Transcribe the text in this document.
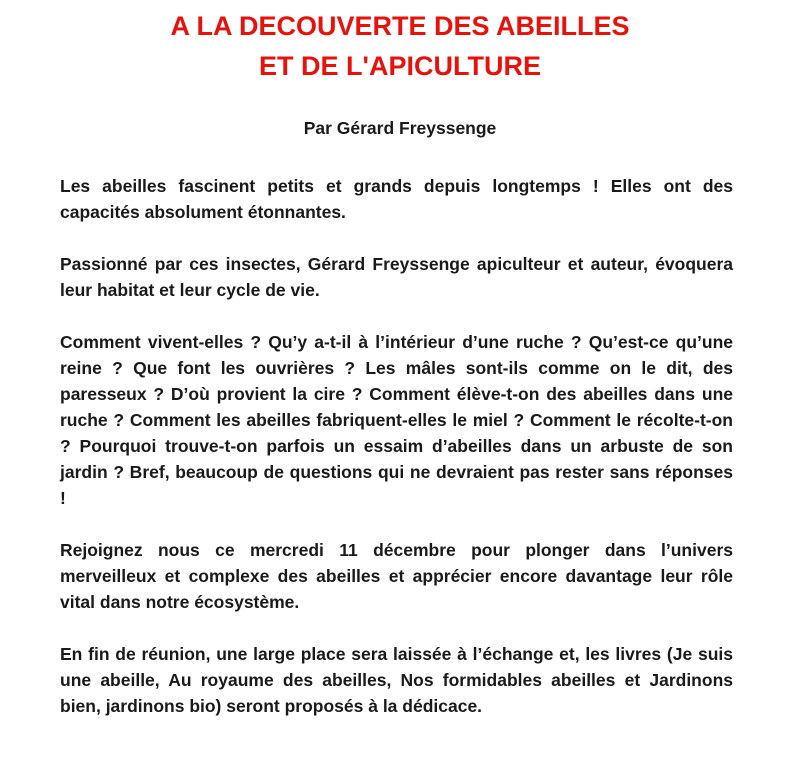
A LA DECOUVERTE DES ABEILLES
ET DE L'APICULTURE

Par Gérard Freyssenge

Les abeilles fascinent petits et grands depuis longtemps ! Elles ont des capacités absolument étonnantes.

Passionné par ces insectes, Gérard Freyssenge apiculteur et auteur, évoquera leur habitat et leur cycle de vie.

Comment vivent-elles ? Qu’y a-t-il à l’intérieur d’une ruche ? Qu’est-ce qu’une reine ? Que font les ouvrières ? Les mâles sont-ils comme on le dit, des paresseux ? D’où provient la cire ? Comment élève-t-on des abeilles dans une ruche ? Comment les abeilles fabriquent-elles le miel ? Comment le récolte-t-on ? Pourquoi trouve-t-on parfois un essaim d’abeilles dans un arbuste de son jardin ? Bref, beaucoup de questions qui ne devraient pas rester sans réponses !

Rejoignez nous ce mercredi 11 décembre pour plonger dans l’univers merveilleux et complexe des abeilles et apprécier encore davantage leur rôle vital dans notre écosystème.

En fin de réunion, une large place sera laissée à l’échange et, les livres (Je suis une abeille, Au royaume des abeilles, Nos formidables abeilles et Jardinons bien, jardinons bio) seront proposés à la dédicace.
